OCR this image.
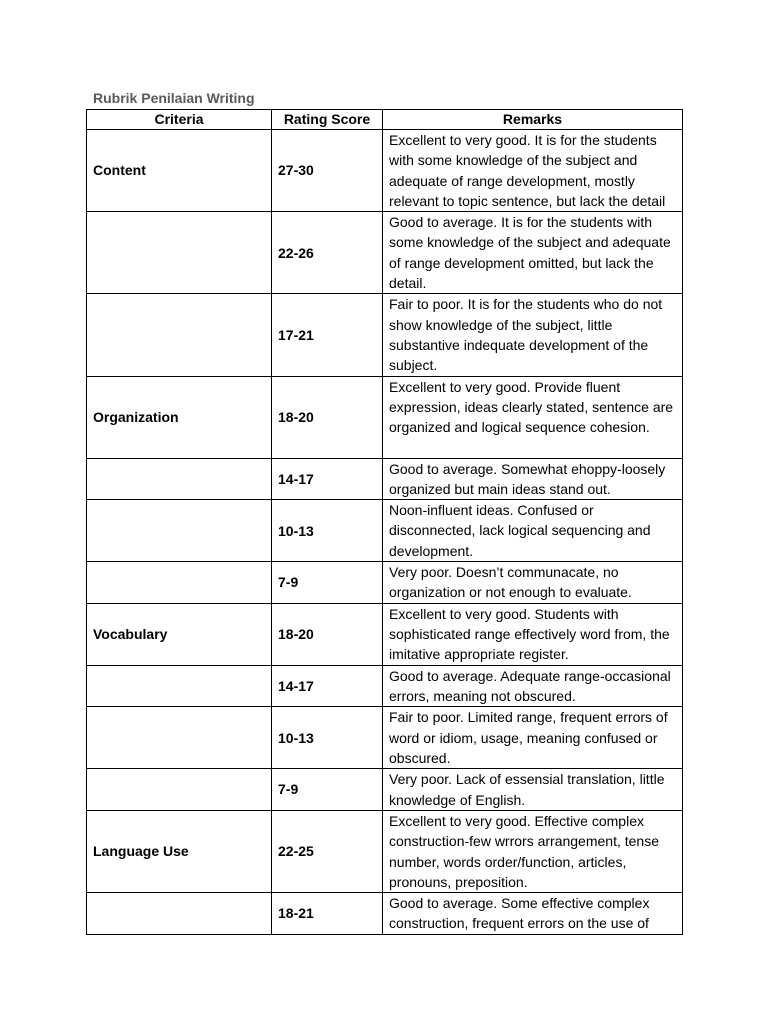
Rubrik Penilaian Writing
Criteria	Rating Score	Remarks
Content	27-30	Excellent to very good. It is for the students with some knowledge of the subject and adequate of range development, mostly relevant to topic sentence, but lack the detail
	22-26	Good to average. It is for the students with some knowledge of the subject and adequate of range development omitted, but lack the detail.
	17-21	Fair to poor. It is for the students who do not show knowledge of the subject, little substantive indequate development of the subject.
Organization	18-20	Excellent to very good. Provide fluent expression, ideas clearly stated, sentence are organized and logical sequence cohesion.
	14-17	Good to average. Somewhat ehoppy-loosely organized but main ideas stand out.
	10-13	Noon-influent ideas. Confused or disconnected, lack logical sequencing and development.
	7-9	Very poor. Doesn’t communacate, no organization or not enough to evaluate.
Vocabulary	18-20	Excellent to very good. Students with sophisticated range effectively word from, the imitative appropriate register.
	14-17	Good to average. Adequate range-occasional errors, meaning not obscured.
	10-13	Fair to poor. Limited range, frequent errors of word or idiom, usage, meaning confused or obscured.
	7-9	Very poor. Lack of essensial translation, little knowledge of English.
Language Use	22-25	Excellent to very good. Effective complex construction-few wrrors arrangement, tense number, words order/function, articles, pronouns, preposition.
	18-21	Good to average. Some effective complex construction, frequent errors on the use of
